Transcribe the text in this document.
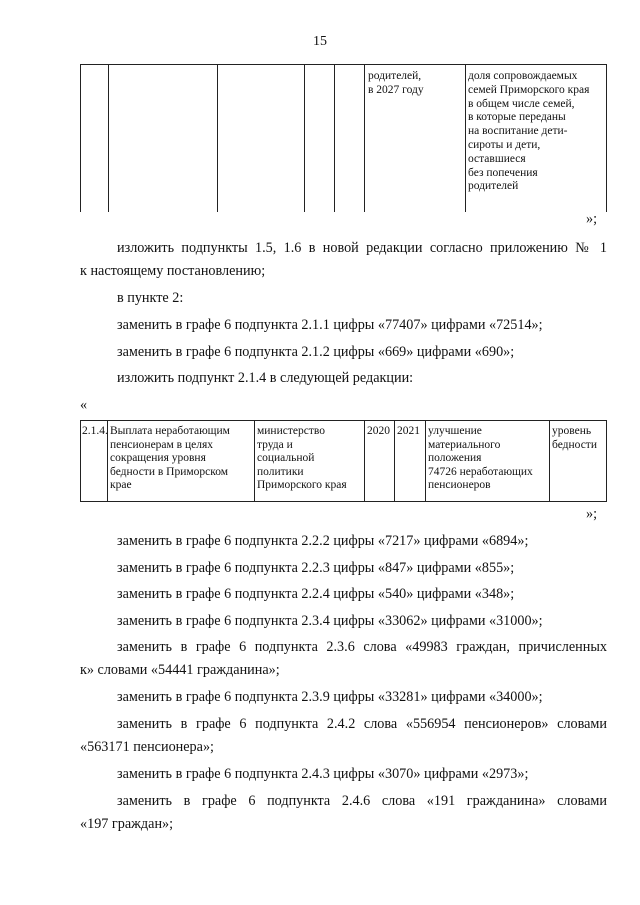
15
родителей,
в 2027 году
доля сопровождаемых
семей Приморского края
в общем числе семей,
в которые переданы
на воспитание дети-
сироты и дети,
оставшиеся
без попечения
родителей
»;
изложить подпункты 1.5, 1.6 в новой редакции согласно приложению № 1
к настоящему постановлению;
в пункте 2:
заменить в графе 6 подпункта 2.1.1 цифры «77407» цифрами «72514»;
заменить в графе 6 подпункта 2.1.2 цифры «669» цифрами «690»;
изложить подпункт 2.1.4 в следующей редакции:
«
2.1.4. Выплата неработающим
пенсионерам в целях
сокращения уровня
бедности в Приморском
крае
министерство
труда и
социальной
политики
Приморского края
2020 2021 улучшение
материального
положения
74726 неработающих
пенсионеров
уровень
бедности
»;
заменить в графе 6 подпункта 2.2.2 цифры «7217» цифрами «6894»;
заменить в графе 6 подпункта 2.2.3 цифры «847» цифрами «855»;
заменить в графе 6 подпункта 2.2.4 цифры «540» цифрами «348»;
заменить в графе 6 подпункта 2.3.4 цифры «33062» цифрами «31000»;
заменить в графе 6 подпункта 2.3.6 слова «49983 граждан, причисленных
к» словами «54441 гражданина»;
заменить в графе 6 подпункта 2.3.9 цифры «33281» цифрами «34000»;
заменить в графе 6 подпункта 2.4.2 слова «556954 пенсионеров» словами
«563171 пенсионера»;
заменить в графе 6 подпункта 2.4.3 цифры «3070» цифрами «2973»;
заменить в графе 6 подпункта 2.4.6 слова «191 гражданина» словами
«197 граждан»;
